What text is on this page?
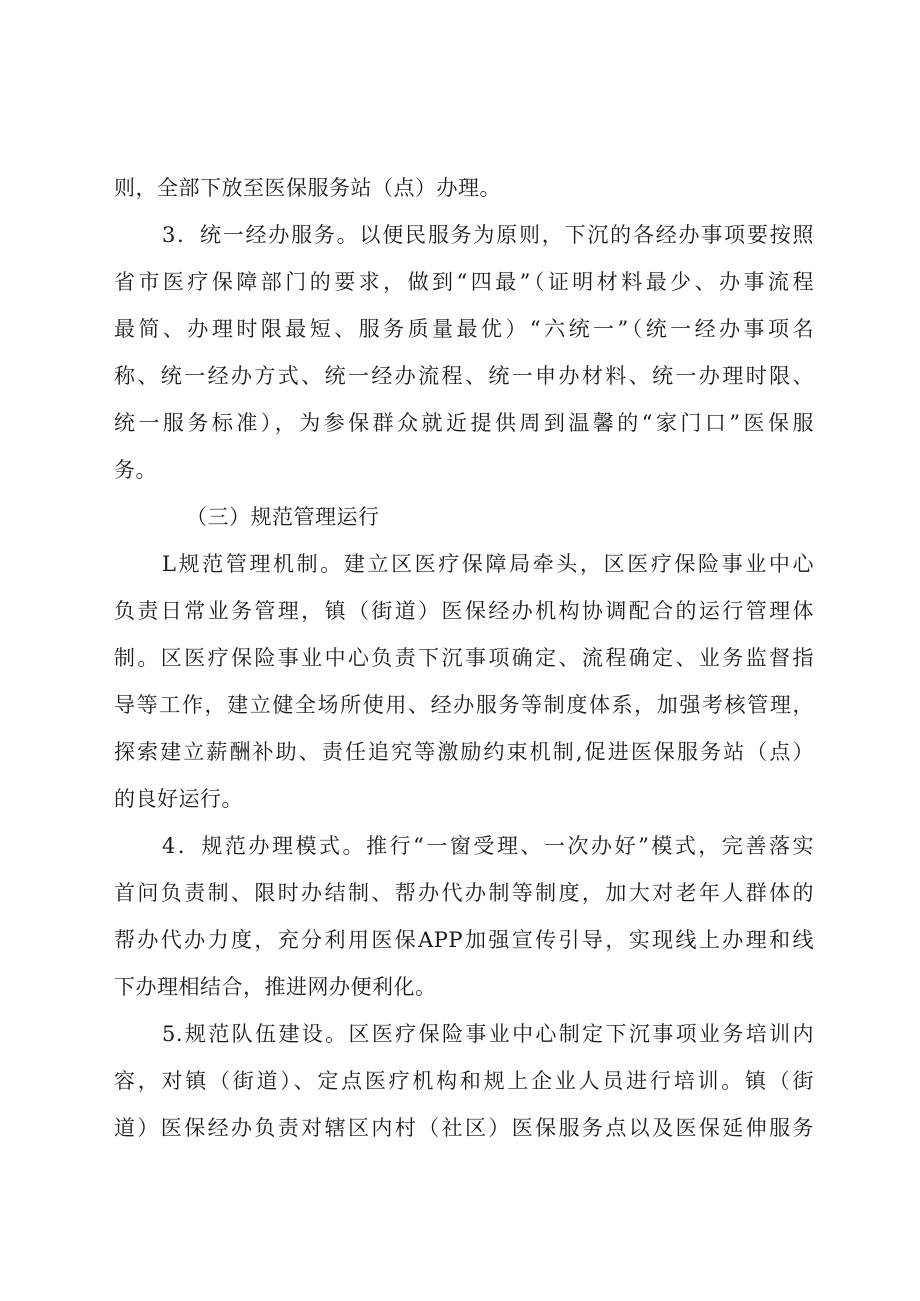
则，全部下放至医保服务站（点）办理。
3．统一经办服务。以便民服务为原则，下沉的各经办事项要按照
省市医疗保障部门的要求，做到“四最”（证明材料最少、办事流程
最简、办理时限最短、服务质量最优）“六统一”（统一经办事项名
称、统一经办方式、统一经办流程、统一申办材料、统一办理时限、
统一服务标准），为参保群众就近提供周到温馨的“家门口”医保服
务。
（三）规范管理运行
L规范管理机制。建立区医疗保障局牵头，区医疗保险事业中心
负责日常业务管理，镇（街道）医保经办机构协调配合的运行管理体
制。区医疗保险事业中心负责下沉事项确定、流程确定、业务监督指
导等工作，建立健全场所使用、经办服务等制度体系，加强考核管理，
探索建立薪酬补助、责任追究等激励约束机制,促进医保服务站（点）
的良好运行。
4．规范办理模式。推行“一窗受理、一次办好”模式，完善落实
首问负责制、限时办结制、帮办代办制等制度，加大对老年人群体的
帮办代办力度，充分利用医保APP加强宣传引导，实现线上办理和线
下办理相结合，推进网办便利化。
5.规范队伍建设。区医疗保险事业中心制定下沉事项业务培训内
容，对镇（街道）、定点医疗机构和规上企业人员进行培训。镇（街
道）医保经办负责对辖区内村（社区）医保服务点以及医保延伸服务
